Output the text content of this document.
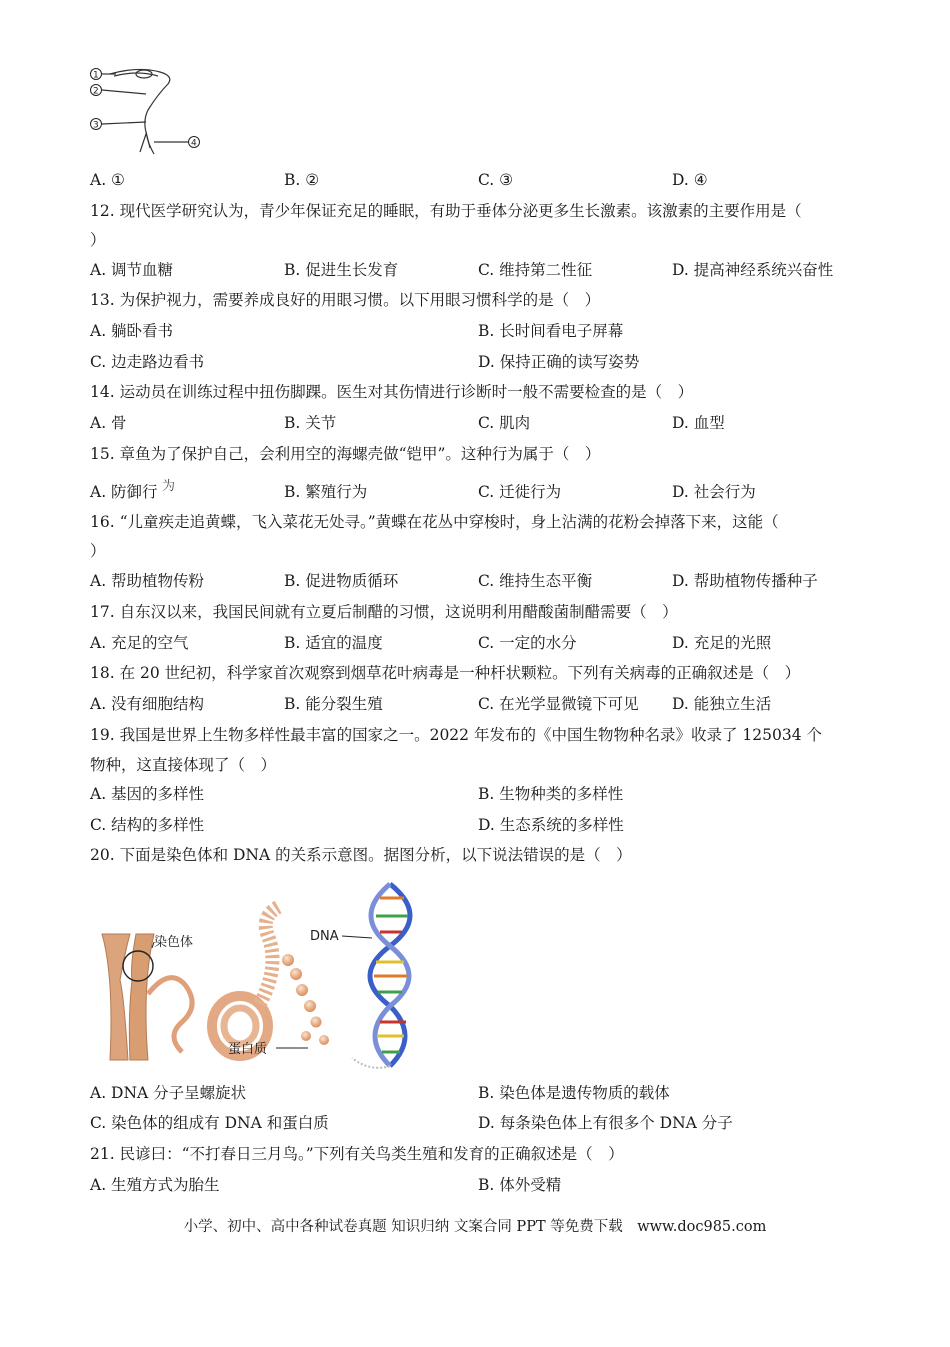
1
2
3
4
A. ①	B. ②	C. ③	D. ④
12. 现代医学研究认为，青少年保证充足的睡眠，有助于垂体分泌更多生长激素。该激素的主要作用是（
）
A. 调节血糖	B. 促进生长发育	C. 维持第二性征	D. 提高神经系统兴奋性
13. 为保护视力，需要养成良好的用眼习惯。以下用眼习惯科学的是（　）
A. 躺卧看书	B. 长时间看电子屏幕
C. 边走路边看书	D. 保持正确的读写姿势
14. 运动员在训练过程中扭伤脚踝。医生对其伤情进行诊断时一般不需要检查的是（　）
A. 骨	B. 关节	C. 肌肉	D. 血型
15. 章鱼为了保护自己，会利用空的海螺壳做“铠甲”。这种行为属于（　）
为
A. 防御行	B. 繁殖行为	C. 迁徙行为	D. 社会行为
16. “儿童疾走追黄蝶，飞入菜花无处寻。”黄蝶在花丛中穿梭时，身上沾满的花粉会掉落下来，这能（
）
A. 帮助植物传粉	B. 促进物质循环	C. 维持生态平衡	D. 帮助植物传播种子
17. 自东汉以来，我国民间就有立夏后制醋的习惯，这说明利用醋酸菌制醋需要（　）
A. 充足的空气	B. 适宜的温度	C. 一定的水分	D. 充足的光照
18. 在 20 世纪初，科学家首次观察到烟草花叶病毒是一种杆状颗粒。下列有关病毒的正确叙述是（　）
A. 没有细胞结构	B. 能分裂生殖	C. 在光学显微镜下可见 D. 能独立生活
19. 我国是世界上生物多样性最丰富的国家之一。2022 年发布的《中国生物物种名录》收录了 125034 个
物种，这直接体现了（　）
A. 基因的多样性	B. 生物种类的多样性
C. 结构的多样性	D. 生态系统的多样性
20. 下面是染色体和 DNA 的关系示意图。据图分析，以下说法错误的是（　）
染色体	DNA
蛋白质
A. DNA 分子呈螺旋状	B. 染色体是遗传物质的载体
C. 染色体的组成有 DNA 和蛋白质	D. 每条染色体上有很多个 DNA 分子
21. 民谚曰：“不打春日三月鸟。”下列有关鸟类生殖和发育的正确叙述是（　）
A. 生殖方式为胎生	B. 体外受精
小学、初中、高中各种试卷真题 知识归纳 文案合同 PPT 等免费下载　www.doc985.com
